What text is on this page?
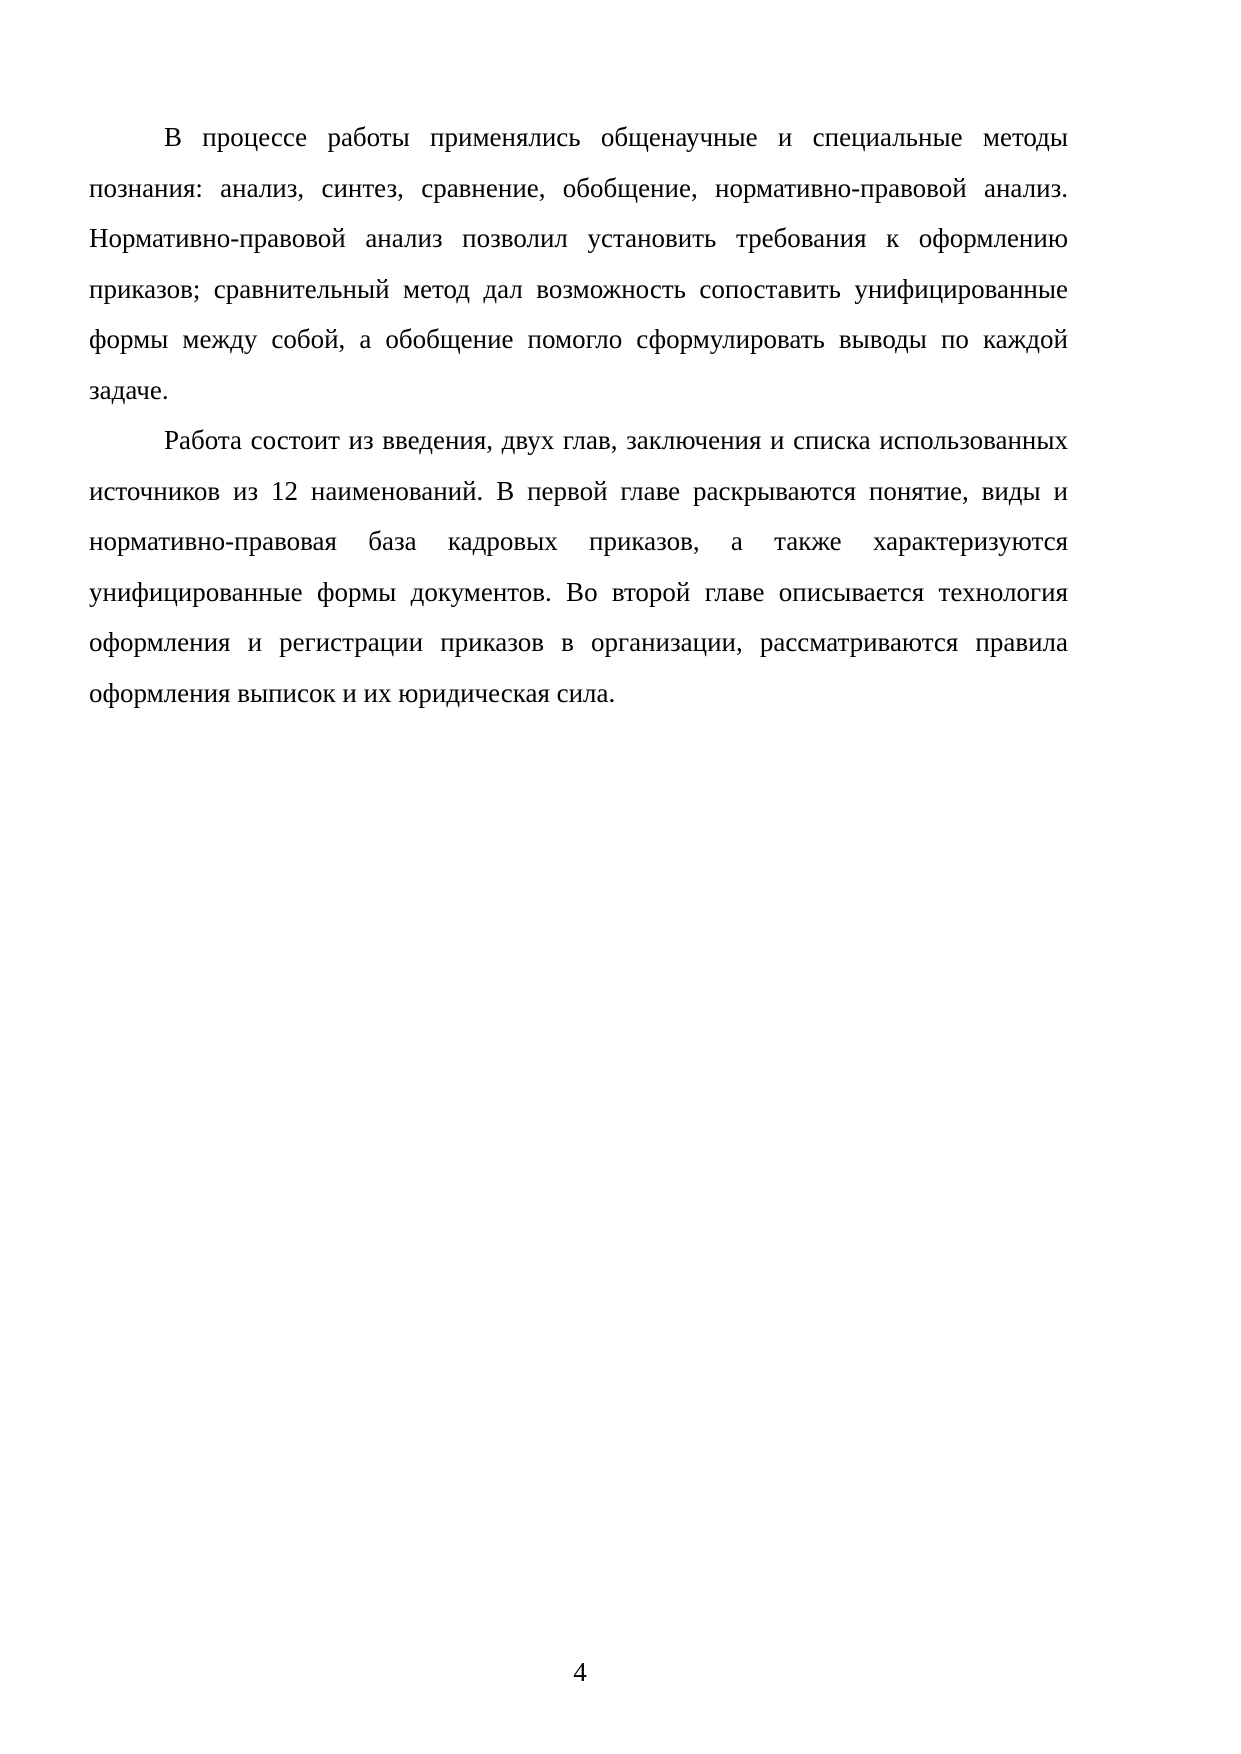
В процессе работы применялись общенаучные и специальные методы познания: анализ, синтез, сравнение, обобщение, нормативно-правовой анализ. Нормативно-правовой анализ позволил установить требования к оформлению приказов; сравнительный метод дал возможность сопоставить унифицированные формы между собой, а обобщение помогло сформулировать выводы по каждой задаче.

Работа состоит из введения, двух глав, заключения и списка использованных источников из 12 наименований. В первой главе раскрываются понятие, виды и нормативно-правовая база кадровых приказов, а также характеризуются унифицированные формы документов. Во второй главе описывается технология оформления и регистрации приказов в организации, рассматриваются правила оформления выписок и их юридическая сила.

4
